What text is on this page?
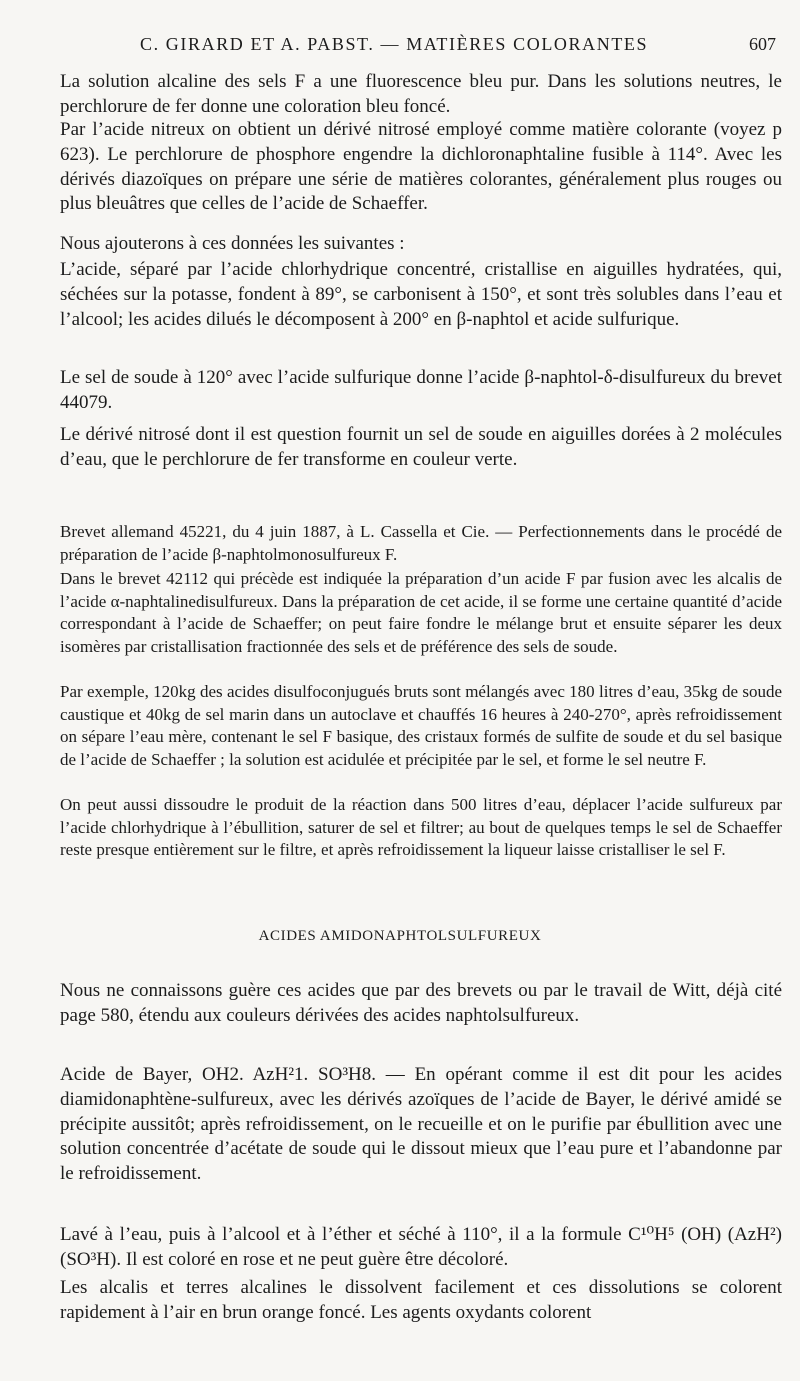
C. GIRARD ET A. PABST. — MATIÈRES COLORANTES	607

La solution alcaline des sels F a une fluorescence bleu pur. Dans les solutions neutres, le perchlorure de fer donne une coloration bleu foncé.

Par l’acide nitreux on obtient un dérivé nitrosé employé comme matière colorante (voyez p 623). Le perchlorure de phosphore engendre la dichloronaphtaline fusible à 114°. Avec les dérivés diazoïques on prépare une série de matières colorantes, généralement plus rouges ou plus bleuâtres que celles de l’acide de Schaeffer.

Nous ajouterons à ces données les suivantes :

L’acide, séparé par l’acide chlorhydrique concentré, cristallise en aiguilles hydratées, qui, séchées sur la potasse, fondent à 89°, se carbonisent à 150°, et sont très solubles dans l’eau et l’alcool; les acides dilués le décomposent à 200° en β-naphtol et acide sulfurique.

Le sel de soude à 120° avec l’acide sulfurique donne l’acide β-naphtol-δ-disulfureux du brevet 44079.

Le dérivé nitrosé dont il est question fournit un sel de soude en aiguilles dorées à 2 molécules d’eau, que le perchlorure de fer transforme en couleur verte.

Brevet allemand 45221, du 4 juin 1887, à L. Cassella et Cie. — Perfectionnements dans le procédé de préparation de l’acide β-naphtolmonosulfureux F.

Dans le brevet 42112 qui précède est indiquée la préparation d’un acide F par fusion avec les alcalis de l’acide α-naphtalinedisulfureux. Dans la préparation de cet acide, il se forme une certaine quantité d’acide correspondant à l’acide de Schaeffer; on peut faire fondre le mélange brut et ensuite séparer les deux isomères par cristallisation fractionnée des sels et de préférence des sels de soude.

Par exemple, 120kg des acides disulfoconjugués bruts sont mélangés avec 180 litres d’eau, 35kg de soude caustique et 40kg de sel marin dans un autoclave et chauffés 16 heures à 240-270°, après refroidissement on sépare l’eau mère, contenant le sel F basique, des cristaux formés de sulfite de soude et du sel basique de l’acide de Schaeffer ; la solution est acidulée et précipitée par le sel, et forme le sel neutre F.

On peut aussi dissoudre le produit de la réaction dans 500 litres d’eau, déplacer l’acide sulfureux par l’acide chlorhydrique à l’ébullition, saturer de sel et filtrer; au bout de quelques temps le sel de Schaeffer reste presque entièrement sur le filtre, et après refroidissement la liqueur laisse cristalliser le sel F.

ACIDES AMIDONAPHTOLSULFUREUX

Nous ne connaissons guère ces acides que par des brevets ou par le travail de Witt, déjà cité page 580, étendu aux couleurs dérivées des acides naphtolsulfureux.

Acide de Bayer, OH2. AzH²1. SO³H8. — En opérant comme il est dit pour les acides diamidonaphtène-sulfureux, avec les dérivés azoïques de l’acide de Bayer, le dérivé amidé se précipite aussitôt; après refroidissement, on le recueille et on le purifie par ébullition avec une solution concentrée d’acétate de soude qui le dissout mieux que l’eau pure et l’abandonne par le refroidissement.

Lavé à l’eau, puis à l’alcool et à l’éther et séché à 110°, il a la formule C¹⁰H⁵ (OH) (AzH²) (SO³H). Il est coloré en rose et ne peut guère être décoloré.

Les alcalis et terres alcalines le dissolvent facilement et ces dissolutions se colorent rapidement à l’air en brun orange foncé. Les agents oxydants colorent
